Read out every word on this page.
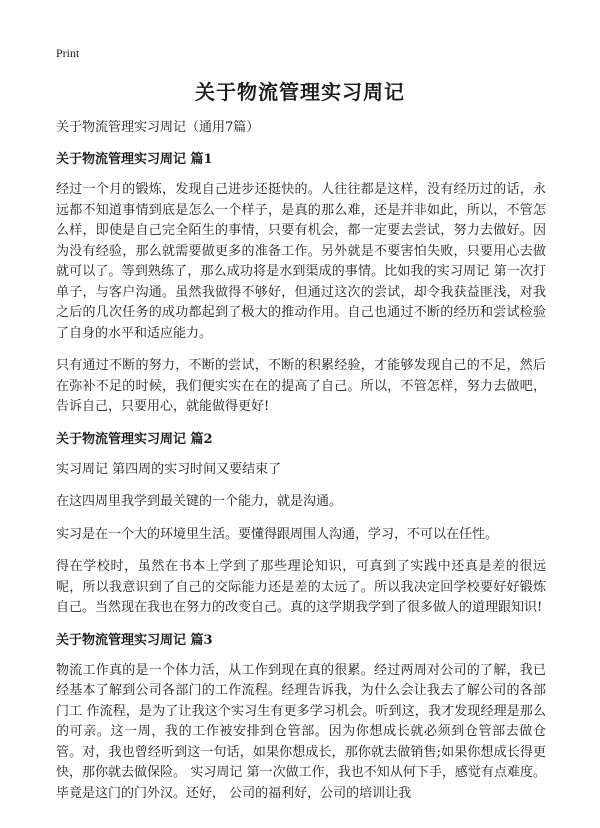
Print
关于物流管理实习周记

关于物流管理实习周记（通用7篇）

关于物流管理实习周记 篇1

经过一个月的锻炼，发现自己进步还挺快的。人往往都是这样，没有经历过的话，永远都不知道事情到底是怎么一个样子，是真的那么难，还是并非如此，所以，不管怎么样，即使是自己完全陌生的事情，只要有机会，都一定要去尝试，努力去做好。因为没有经验，那么就需要做更多的准备工作。另外就是不要害怕失败，只要用心去做就可以了。等到熟练了，那么成功将是水到渠成的事情。比如我的实习周记 第一次打单子，与客户沟通。虽然我做得不够好，但通过这次的尝试，却令我获益匪浅，对我之后的几次任务的成功都起到了极大的推动作用。自己也通过不断的经历和尝试检验了自身的水平和适应能力。

只有通过不断的努力，不断的尝试，不断的积累经验，才能够发现自己的不足，然后在弥补不足的时候，我们便实实在在的提高了自己。所以，不管怎样，努力去做吧，告诉自己，只要用心，就能做得更好!

关于物流管理实习周记 篇2

实习周记 第四周的实习时间又要结束了

在这四周里我学到最关键的一个能力，就是沟通。

实习是在一个大的环境里生活。要懂得跟周围人沟通，学习，不可以在任性。

得在学校时，虽然在书本上学到了那些理论知识，可真到了实践中还真是差的很远呢，所以我意识到了自己的交际能力还是差的太远了。所以我决定回学校要好好锻炼自己。当然现在我也在努力的改变自己。真的这学期我学到了很多做人的道理跟知识!

关于物流管理实习周记 篇3

物流工作真的是一个体力活，从工作到现在真的很累。经过两周对公司的了解，我已经基本了解到公司各部门的工作流程。经理告诉我，为什么会让我去了解公司的各部门工 作流程，是为了让我这个实习生有更多学习机会。听到这，我才发现经理是那么的可亲。这一周，我的工作被安排到仓管部。因为你想成长就必须到仓管部去做仓管。对，我也曾经听到这一句话，如果你想成长，那你就去做销售;如果你想成长得更快，那你就去做保险。 实习周记 第一次做工作，我也不知从何下手，感觉有点难度。毕竟是这门的门外汉。还好， 公司的福利好，公司的培训让我
